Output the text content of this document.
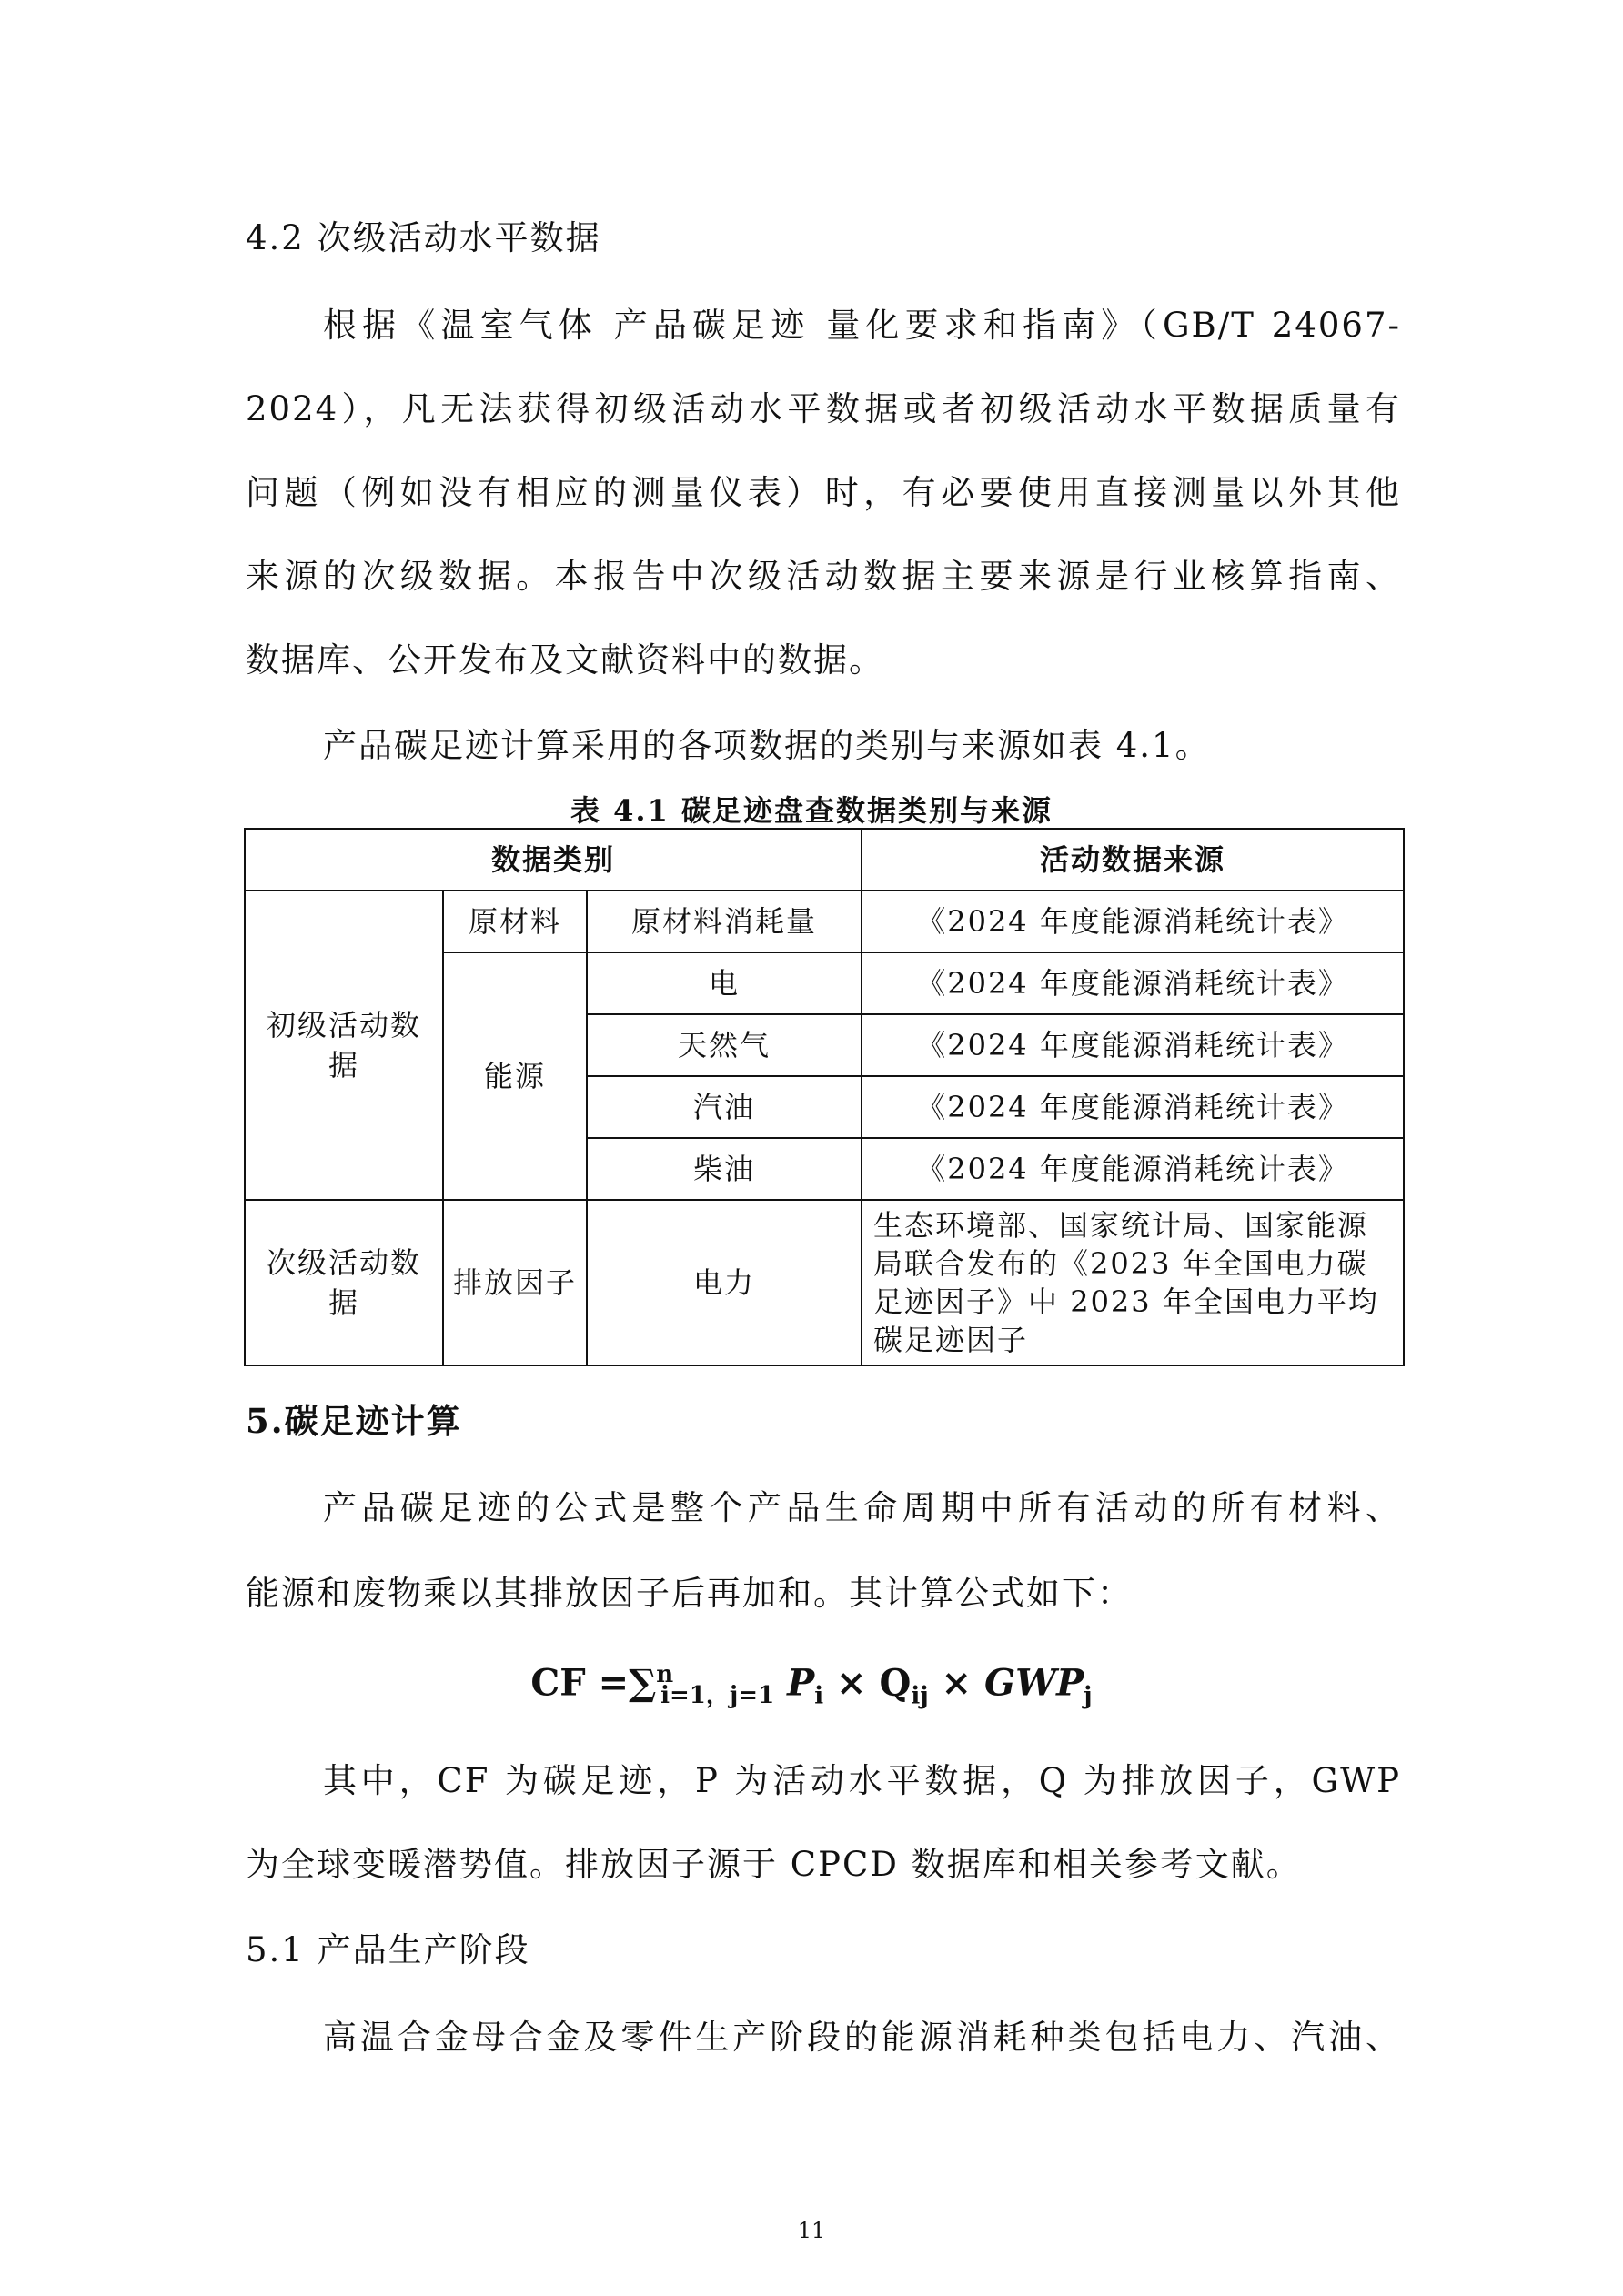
4.2 次级活动水平数据
根据《温室气体 产品碳足迹 量化要求和指南》（GB/T 24067-
2024），凡无法获得初级活动水平数据或者初级活动水平数据质量有
问题（例如没有相应的测量仪表）时，有必要使用直接测量以外其他
来源的次级数据。本报告中次级活动数据主要来源是行业核算指南、
数据库、公开发布及文献资料中的数据。
产品碳足迹计算采用的各项数据的类别与来源如表 4.1。
表 4.1 碳足迹盘查数据类别与来源
数据类别			活动数据来源
初级活动数据	原材料	原材料消耗量	《2024 年度能源消耗统计表》
	能源	电	《2024 年度能源消耗统计表》
		天然气	《2024 年度能源消耗统计表》
		汽油	《2024 年度能源消耗统计表》
		柴油	《2024 年度能源消耗统计表》
次级活动数据	排放因子	电力	生态环境部、国家统计局、国家能源局联合发布的《2023 年全国电力碳足迹因子》中 2023 年全国电力平均碳足迹因子
5.碳足迹计算
产品碳足迹的公式是整个产品生命周期中所有活动的所有材料、
能源和废物乘以其排放因子后再加和。其计算公式如下：
CF =∑$^n_{i=1,j=1}$ $P_i \times Q_{ij} \times GWP_j$
其中，CF 为碳足迹，P 为活动水平数据，Q 为排放因子，GWP
为全球变暖潜势值。排放因子源于 CPCD 数据库和相关参考文献。
5.1 产品生产阶段
高温合金母合金及零件生产阶段的能源消耗种类包括电力、汽油、
11
